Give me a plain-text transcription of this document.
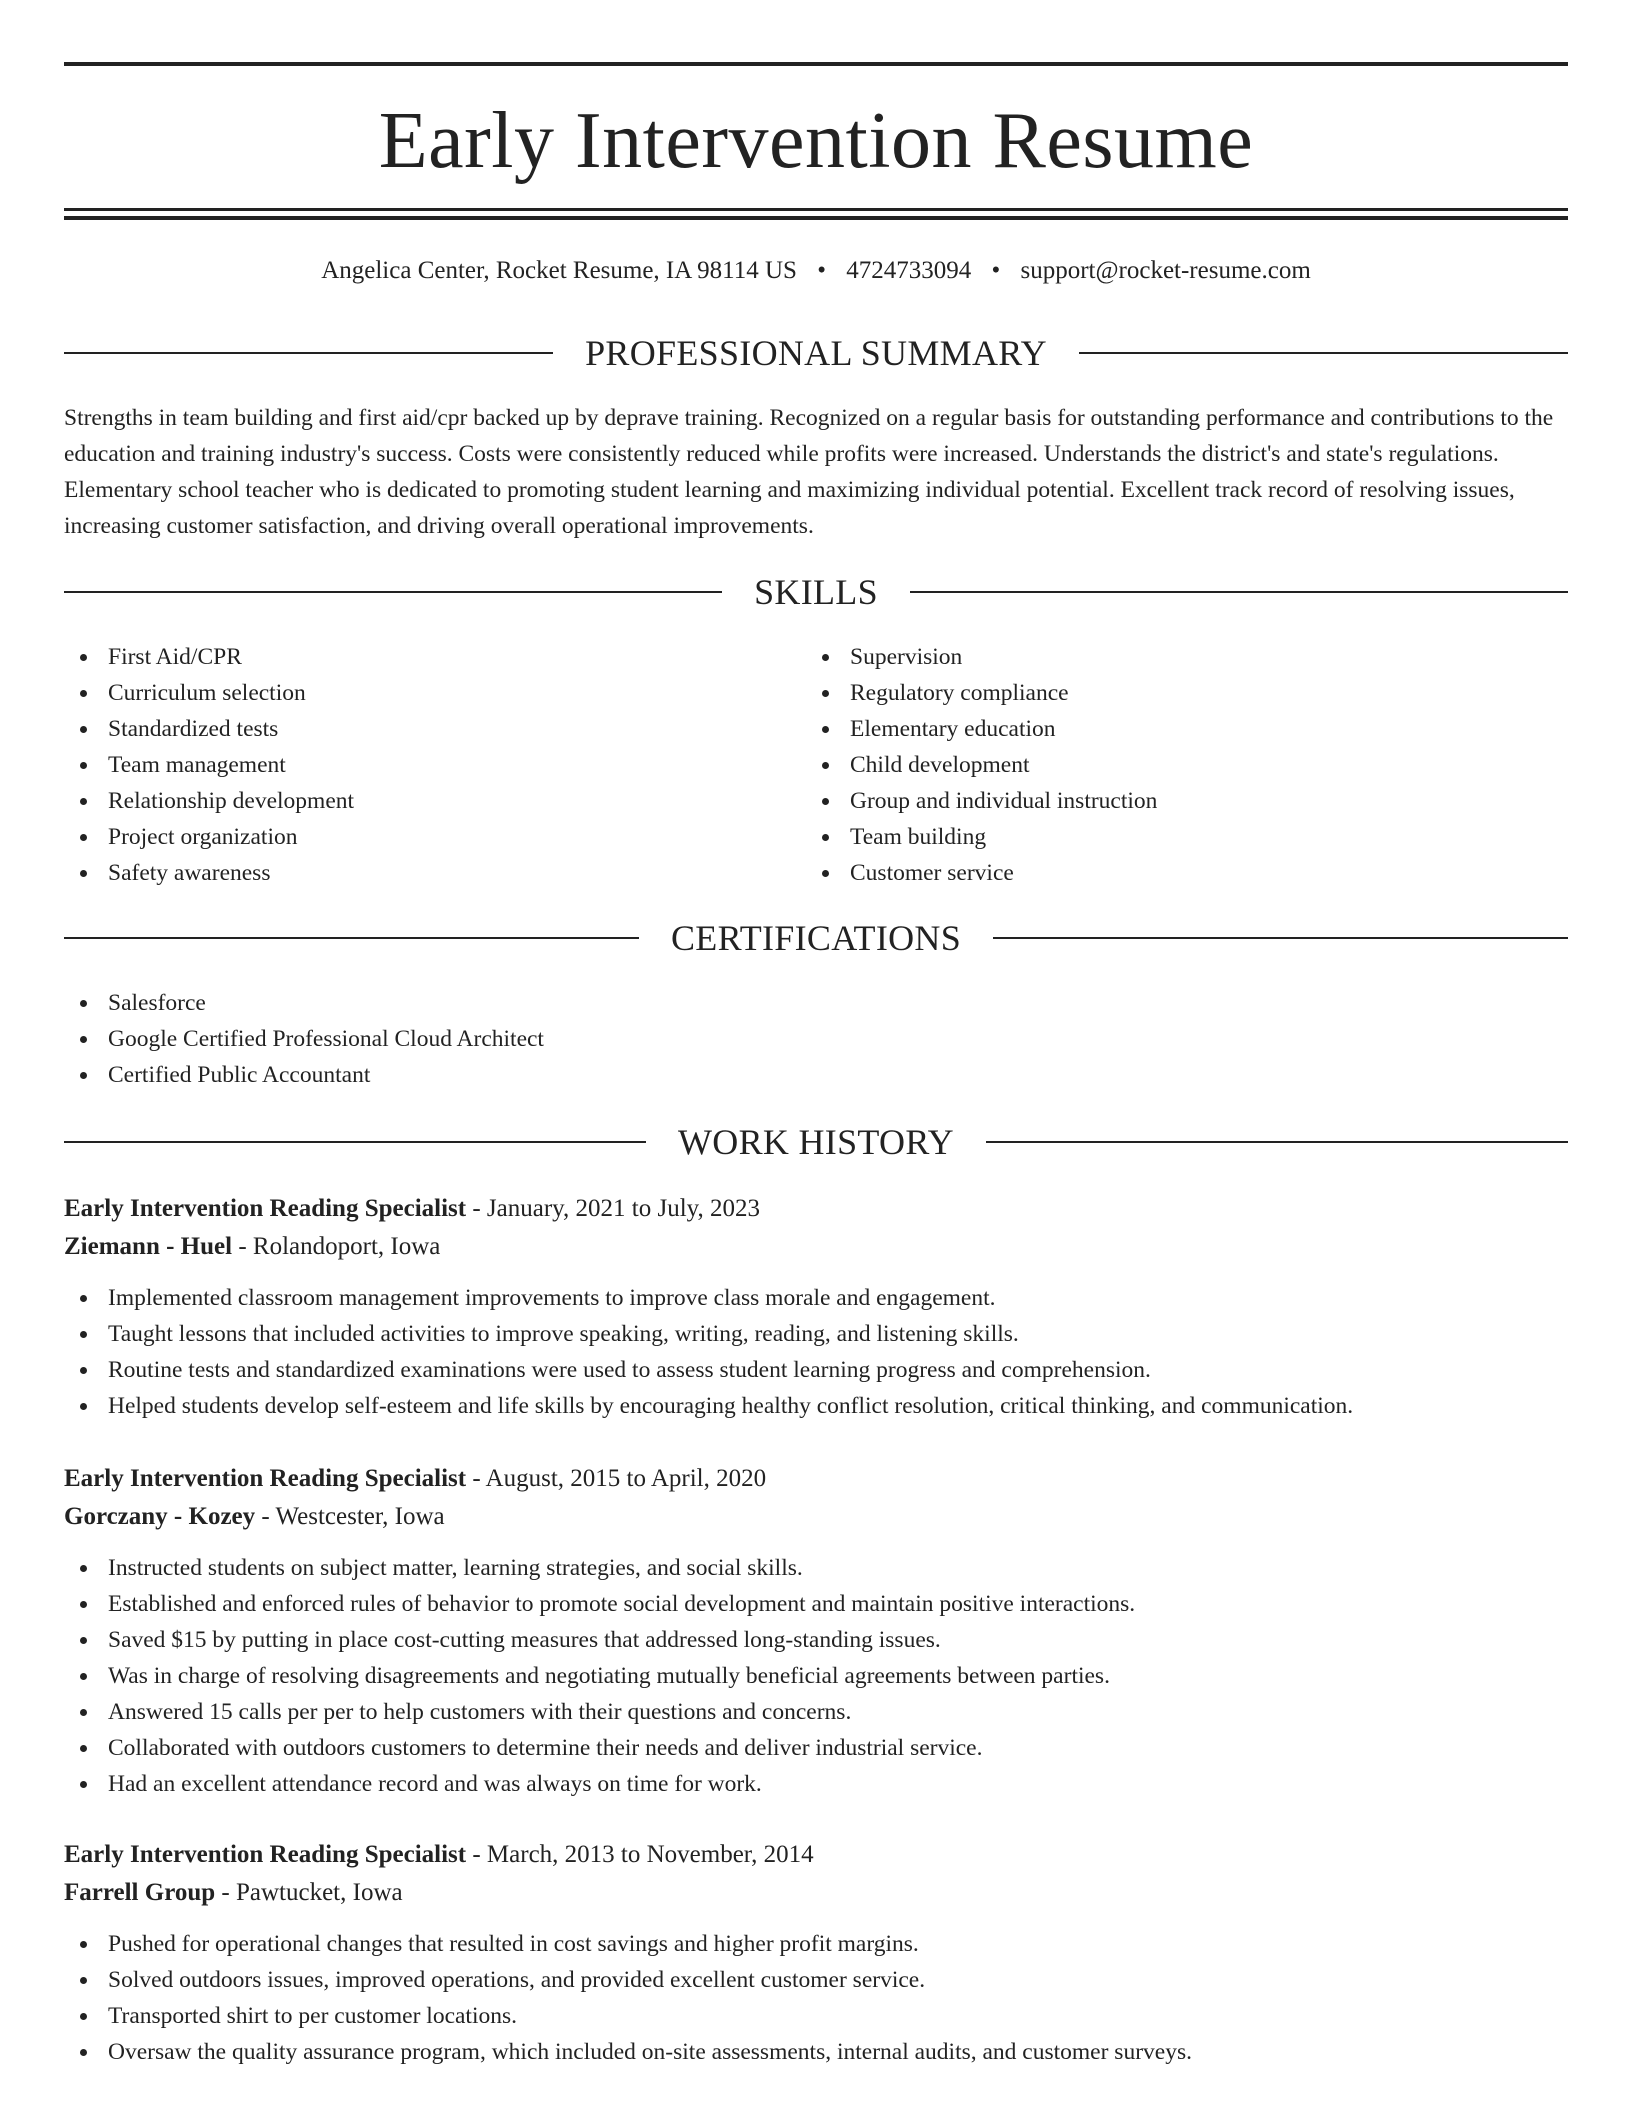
Early Intervention Resume
Angelica Center, Rocket Resume, IA 98114 US • 4724733094 • support@rocket-resume.com
PROFESSIONAL SUMMARY

Strengths in team building and first aid/cpr backed up by deprave training. Recognized on a regular basis for outstanding performance and contributions to the education and training industry's success. Costs were consistently reduced while profits were increased. Understands the district's and state's regulations. Elementary school teacher who is dedicated to promoting student learning and maximizing individual potential. Excellent track record of resolving issues, increasing customer satisfaction, and driving overall operational improvements.

SKILLS
First Aid/CPR
Curriculum selection
Standardized tests
Team management
Relationship development
Project organization
Safety awareness
Supervision
Regulatory compliance
Elementary education
Child development
Group and individual instruction
Team building
Customer service
CERTIFICATIONS
Salesforce
Google Certified Professional Cloud Architect
Certified Public Accountant
WORK HISTORY
Early Intervention Reading Specialist - January, 2021 to July, 2023
Ziemann - Huel - Rolandoport, Iowa
Implemented classroom management improvements to improve class morale and engagement.
Taught lessons that included activities to improve speaking, writing, reading, and listening skills.
Routine tests and standardized examinations were used to assess student learning progress and comprehension.
Helped students develop self-esteem and life skills by encouraging healthy conflict resolution, critical thinking, and communication.
Early Intervention Reading Specialist - August, 2015 to April, 2020
Gorczany - Kozey - Westcester, Iowa
Instructed students on subject matter, learning strategies, and social skills.
Established and enforced rules of behavior to promote social development and maintain positive interactions.
Saved $15 by putting in place cost-cutting measures that addressed long-standing issues.
Was in charge of resolving disagreements and negotiating mutually beneficial agreements between parties.
Answered 15 calls per per to help customers with their questions and concerns.
Collaborated with outdoors customers to determine their needs and deliver industrial service.
Had an excellent attendance record and was always on time for work.
Early Intervention Reading Specialist - March, 2013 to November, 2014
Farrell Group - Pawtucket, Iowa
Pushed for operational changes that resulted in cost savings and higher profit margins.
Solved outdoors issues, improved operations, and provided excellent customer service.
Transported shirt to per customer locations.
Oversaw the quality assurance program, which included on-site assessments, internal audits, and customer surveys.
